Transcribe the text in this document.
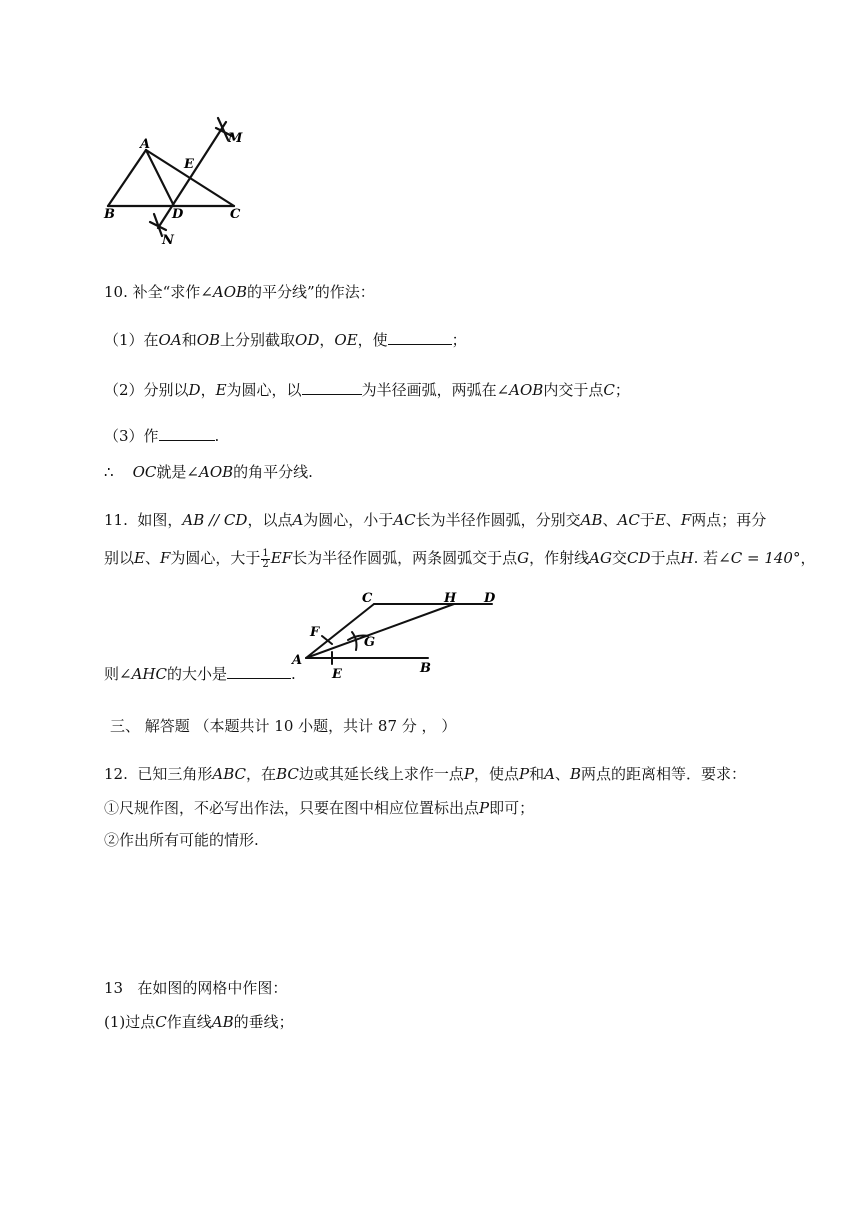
A
B	D	C
E
M
N
10. 补全“求作∠AOB的平分线”的作法：
（1）在OA和OB上分别截取OD，OE，使	；
（2）分别以D，E为圆心，以	为半径画弧，两弧在∠AOB内交于点C；
（3）作	.
∴ OC就是∠AOB的角平分线.
11. 如图，AB // CD，以点A为圆心，小于AC长为半径作圆弧，分别交AB、AC于E、F两点；再分
别以E、F为圆心，大于 $\frac{1}{2}$ EF长为半径作圆弧，两条圆弧交于点G，作射线AG交CD于点H. 若∠C = 140°，
C	H D
F
G
A
E	B
则∠AHC的大小是	.
三、 解答题 （本题共计 10 小题，共计 87 分 ， ）
12. 已知三角形ABC，在BC边或其延长线上求作一点P，使点P和A、B两点的距离相等．要求：
①尺规作图，不必写出作法，只要在图中相应位置标出点P即可；
②作出所有可能的情形.
13 在如图的网格中作图：
(1)过点C作直线AB的垂线；
